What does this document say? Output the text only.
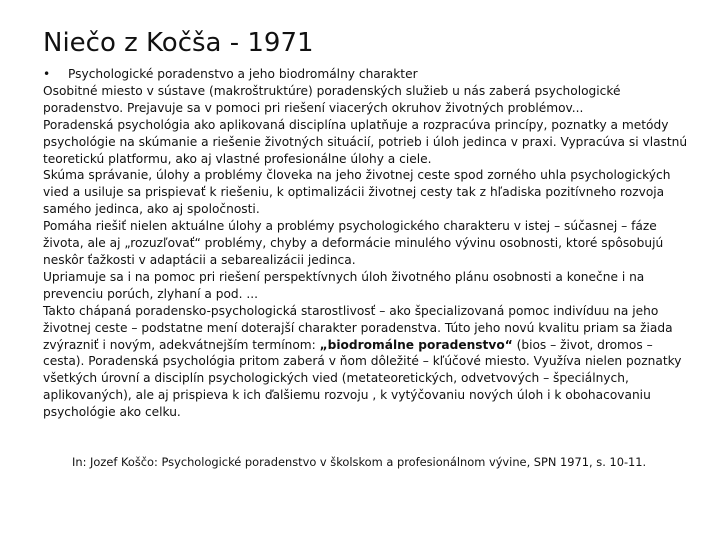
Niečo z Kočša - 1971

• Psychologické poradenstvo a jeho biodromálny charakter

Osobitné miesto v sústave (makroštruktúre) poradenských služieb u nás zaberá psychologické poradenstvo. Prejavuje sa v pomoci pri riešení viacerých okruhov životných problémov...

Poradenská psychológia ako aplikovaná disciplína uplatňuje a rozpracúva princípy, poznatky a metódy psychológie na skúmanie a riešenie životných situácií, potrieb i úloh jedinca v praxi. Vypracúva si vlastnú teoretickú platformu, ako aj vlastné profesionálne úlohy a ciele.

Skúma správanie, úlohy a problémy človeka na jeho životnej ceste spod zorného uhla psychologických vied a usiluje sa prispievať k riešeniu, k optimalizácii životnej cesty tak z hľadiska pozitívneho rozvoja samého jedinca, ako aj spoločnosti.

Pomáha riešiť nielen aktuálne úlohy a problémy psychologického charakteru v istej – súčasnej – fáze života, ale aj „rozuzľovať“ problémy, chyby a deformácie minulého vývinu osobnosti, ktoré spôsobujú neskôr ťažkosti v adaptácii a sebarealizácii jedinca.

Upriamuje sa i na pomoc pri riešení perspektívnych úloh životného plánu osobnosti a konečne i na prevenciu porúch, zlyhaní a pod. ...

Takto chápaná poradensko-psychologická starostlivosť – ako špecializovaná pomoc indivíduu na jeho životnej ceste – podstatne mení doterajší charakter poradenstva. Túto jeho novú kvalitu priam sa žiada zvýrazniť i novým, adekvátnejším termínom: „biodromálne poradenstvo“ (bios – život, dromos – cesta). Poradenská psychológia pritom zaberá v ňom dôležité – kľúčové miesto. Využíva nielen poznatky všetkých úrovní a disciplín psychologických vied (metateoretických, odvetvových – špeciálnych, aplikovaných), ale aj prispieva k ich ďalšiemu rozvoju , k vytýčovaniu nových úloh i k obohacovaniu psychológie ako celku.

In: Jozef Koščo: Psychologické poradenstvo v školskom a profesionálnom vývine, SPN 1971, s. 10-11.
